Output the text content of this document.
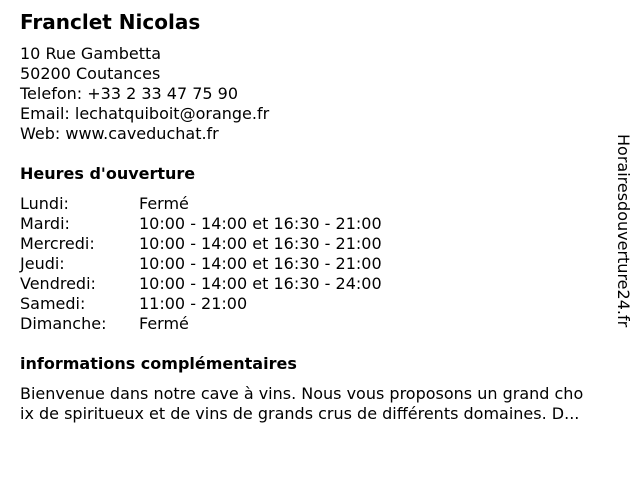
Franclet Nicolas
10 Rue Gambetta
50200 Coutances
Telefon: +33 2 33 47 75 90
Email: lechatquiboit@orange.fr
Web: www.caveduchat.fr
Heures d'ouverture
Lundi:	Fermé
Mardi:	10:00 - 14:00 et 16:30 - 21:00
Mercredi:	10:00 - 14:00 et 16:30 - 21:00
Jeudi:	10:00 - 14:00 et 16:30 - 21:00
Vendredi:	10:00 - 14:00 et 16:30 - 24:00
Samedi:	11:00 - 21:00
Dimanche: Fermé
informations complémentaires
Bienvenue dans notre cave à vins. Nous vous proposons un grand cho
ix de spiritueux et de vins de grands crus de différents domaines. D...
Horairesdouverture24.fr
